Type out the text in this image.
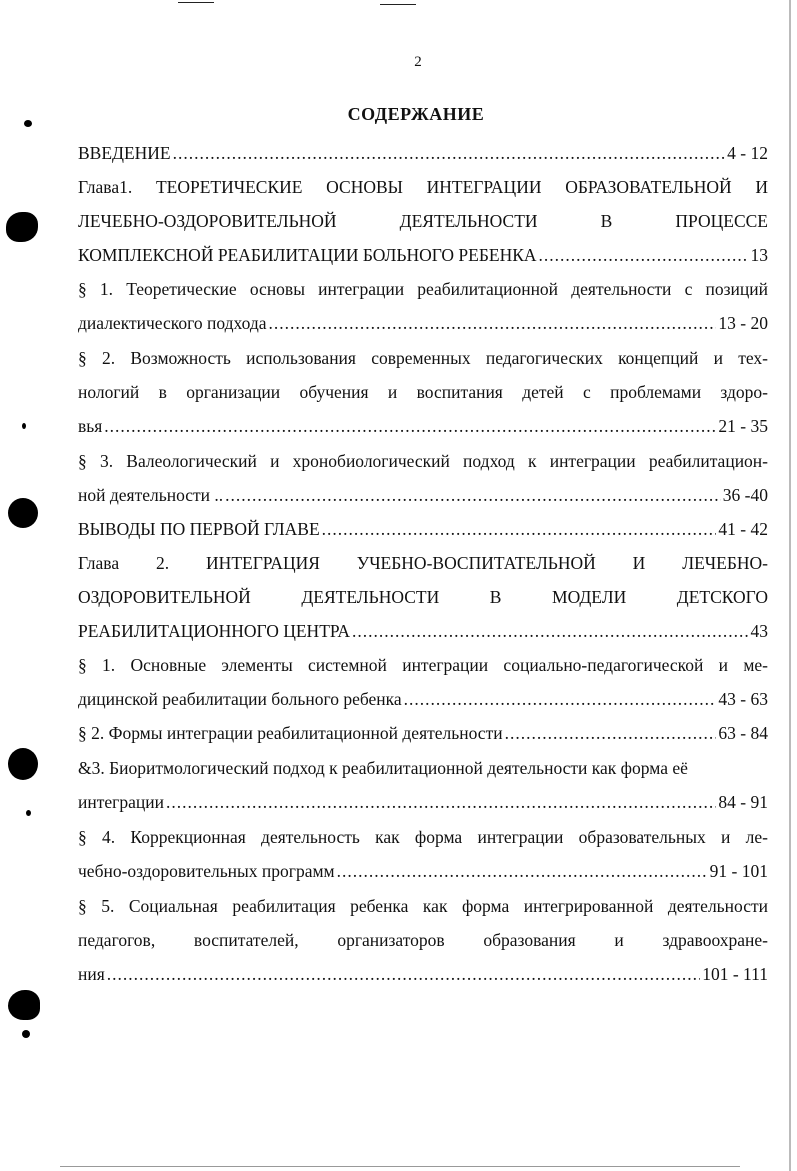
2
СОДЕРЖАНИЕ
ВВЕДЕНИЕ .....	4 - 12
Глава1. ТЕОРЕТИЧЕСКИЕ ОСНОВЫ ИНТЕГРАЦИИ ОБРАЗОВАТЕЛЬНОЙ И
ЛЕЧЕБНО-ОЗДОРОВИТЕЛЬНОЙ ДЕЯТЕЛЬНОСТИ В ПРОЦЕССЕ
КОМПЛЕКСНОЙ РЕАБИЛИТАЦИИ БОЛЬНОГО РЕБЕНКА .....	13
§ 1. Теоретические основы интеграции реабилитационной деятельности с позиций
диалектического подхода .....	13 - 20
§ 2. Возможность использования современных педагогических концепций и тех-
нологий в организации обучения и воспитания детей с проблемами здоро-
вья .....	21 - 35
§ 3. Валеологический и хронобиологический подход к интеграции реабилитацион-
ной деятельности .. .....	36 -40
ВЫВОДЫ ПО ПЕРВОЙ ГЛАВЕ .....	41 - 42
Глава 2. ИНТЕГРАЦИЯ УЧЕБНО-ВОСПИТАТЕЛЬНОЙ И ЛЕЧЕБНО-
ОЗДОРОВИТЕЛЬНОЙ ДЕЯТЕЛЬНОСТИ В МОДЕЛИ ДЕТСКОГО
РЕАБИЛИТАЦИОННОГО ЦЕНТРА .....	43
§ 1. Основные элементы системной интеграции социально-педагогической и ме-
дицинской реабилитации больного ребенка .....	43 - 63
§ 2. Формы интеграции реабилитационной деятельности .....	63 - 84
&3. Биоритмологический подход к реабилитационной деятельности как форма её
интеграции .....	84 - 91
§ 4. Коррекционная деятельность как форма интеграции образовательных и ле-
чебно-оздоровительных программ .....	91 - 101
§ 5. Социальная реабилитация ребенка как форма интегрированной деятельности
педагогов, воспитателей, организаторов образования и здравоохране-
ния .....	101 - 111
